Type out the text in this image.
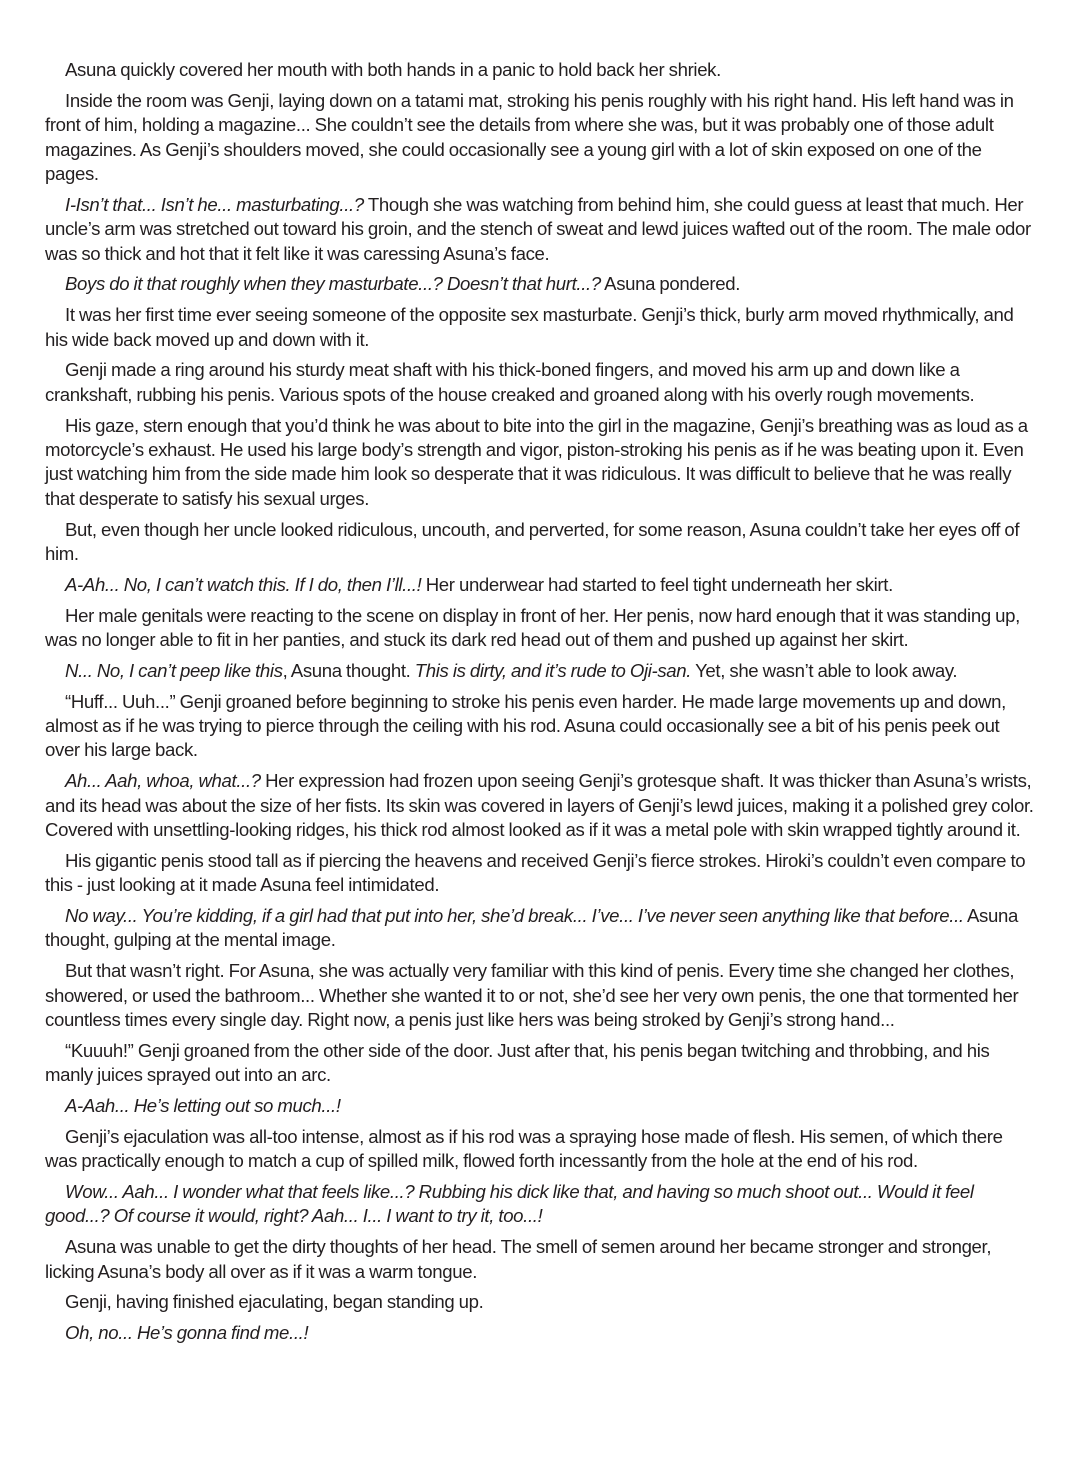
Asuna quickly covered her mouth with both hands in a panic to hold back her shriek.

Inside the room was Genji, laying down on a tatami mat, stroking his penis roughly with his right hand. His left hand was in front of him, holding a magazine... She couldn’t see the details from where she was, but it was probably one of those adult magazines. As Genji’s shoulders moved, she could occasionally see a young girl with a lot of skin exposed on one of the pages.

I-Isn’t that... Isn’t he... masturbating...? Though she was watching from behind him, she could guess at least that much. Her uncle’s arm was stretched out toward his groin, and the stench of sweat and lewd juices wafted out of the room. The male odor was so thick and hot that it felt like it was caressing Asuna’s face.

Boys do it that roughly when they masturbate...? Doesn’t that hurt...? Asuna pondered.

It was her first time ever seeing someone of the opposite sex masturbate. Genji’s thick, burly arm moved rhythmically, and his wide back moved up and down with it.

Genji made a ring around his sturdy meat shaft with his thick-boned fingers, and moved his arm up and down like a crankshaft, rubbing his penis. Various spots of the house creaked and groaned along with his overly rough movements.

His gaze, stern enough that you’d think he was about to bite into the girl in the magazine, Genji’s breathing was as loud as a motorcycle’s exhaust. He used his large body’s strength and vigor, piston-stroking his penis as if he was beating upon it. Even just watching him from the side made him look so desperate that it was ridiculous. It was difficult to believe that he was really that desperate to satisfy his sexual urges.

But, even though her uncle looked ridiculous, uncouth, and perverted, for some reason, Asuna couldn’t take her eyes off of him.

A-Ah... No, I can’t watch this. If I do, then I’ll...! Her underwear had started to feel tight underneath her skirt.

Her male genitals were reacting to the scene on display in front of her. Her penis, now hard enough that it was standing up, was no longer able to fit in her panties, and stuck its dark red head out of them and pushed up against her skirt.

N... No, I can’t peep like this, Asuna thought. This is dirty, and it’s rude to Oji-san. Yet, she wasn’t able to look away.

“Huff... Uuh...” Genji groaned before beginning to stroke his penis even harder. He made large movements up and down, almost as if he was trying to pierce through the ceiling with his rod. Asuna could occasionally see a bit of his penis peek out over his large back.

Ah... Aah, whoa, what...? Her expression had frozen upon seeing Genji’s grotesque shaft. It was thicker than Asuna’s wrists, and its head was about the size of her fists. Its skin was covered in layers of Genji’s lewd juices, making it a polished grey color. Covered with unsettling-looking ridges, his thick rod almost looked as if it was a metal pole with skin wrapped tightly around it.

His gigantic penis stood tall as if piercing the heavens and received Genji’s fierce strokes. Hiroki’s couldn’t even compare to this - just looking at it made Asuna feel intimidated.

No way... You’re kidding, if a girl had that put into her, she’d break... I’ve... I’ve never seen anything like that before... Asuna thought, gulping at the mental image.

But that wasn’t right. For Asuna, she was actually very familiar with this kind of penis. Every time she changed her clothes, showered, or used the bathroom... Whether she wanted it to or not, she’d see her very own penis, the one that tormented her countless times every single day. Right now, a penis just like hers was being stroked by Genji’s strong hand...

“Kuuuh!” Genji groaned from the other side of the door. Just after that, his penis began twitching and throbbing, and his manly juices sprayed out into an arc.

A-Aah... He’s letting out so much...!

Genji’s ejaculation was all-too intense, almost as if his rod was a spraying hose made of flesh. His semen, of which there was practically enough to match a cup of spilled milk, flowed forth incessantly from the hole at the end of his rod.

Wow... Aah... I wonder what that feels like...? Rubbing his dick like that, and having so much shoot out... Would it feel good...? Of course it would, right? Aah... I... I want to try it, too...!

Asuna was unable to get the dirty thoughts of her head. The smell of semen around her became stronger and stronger, licking Asuna’s body all over as if it was a warm tongue.

Genji, having finished ejaculating, began standing up.

Oh, no... He’s gonna find me...!
